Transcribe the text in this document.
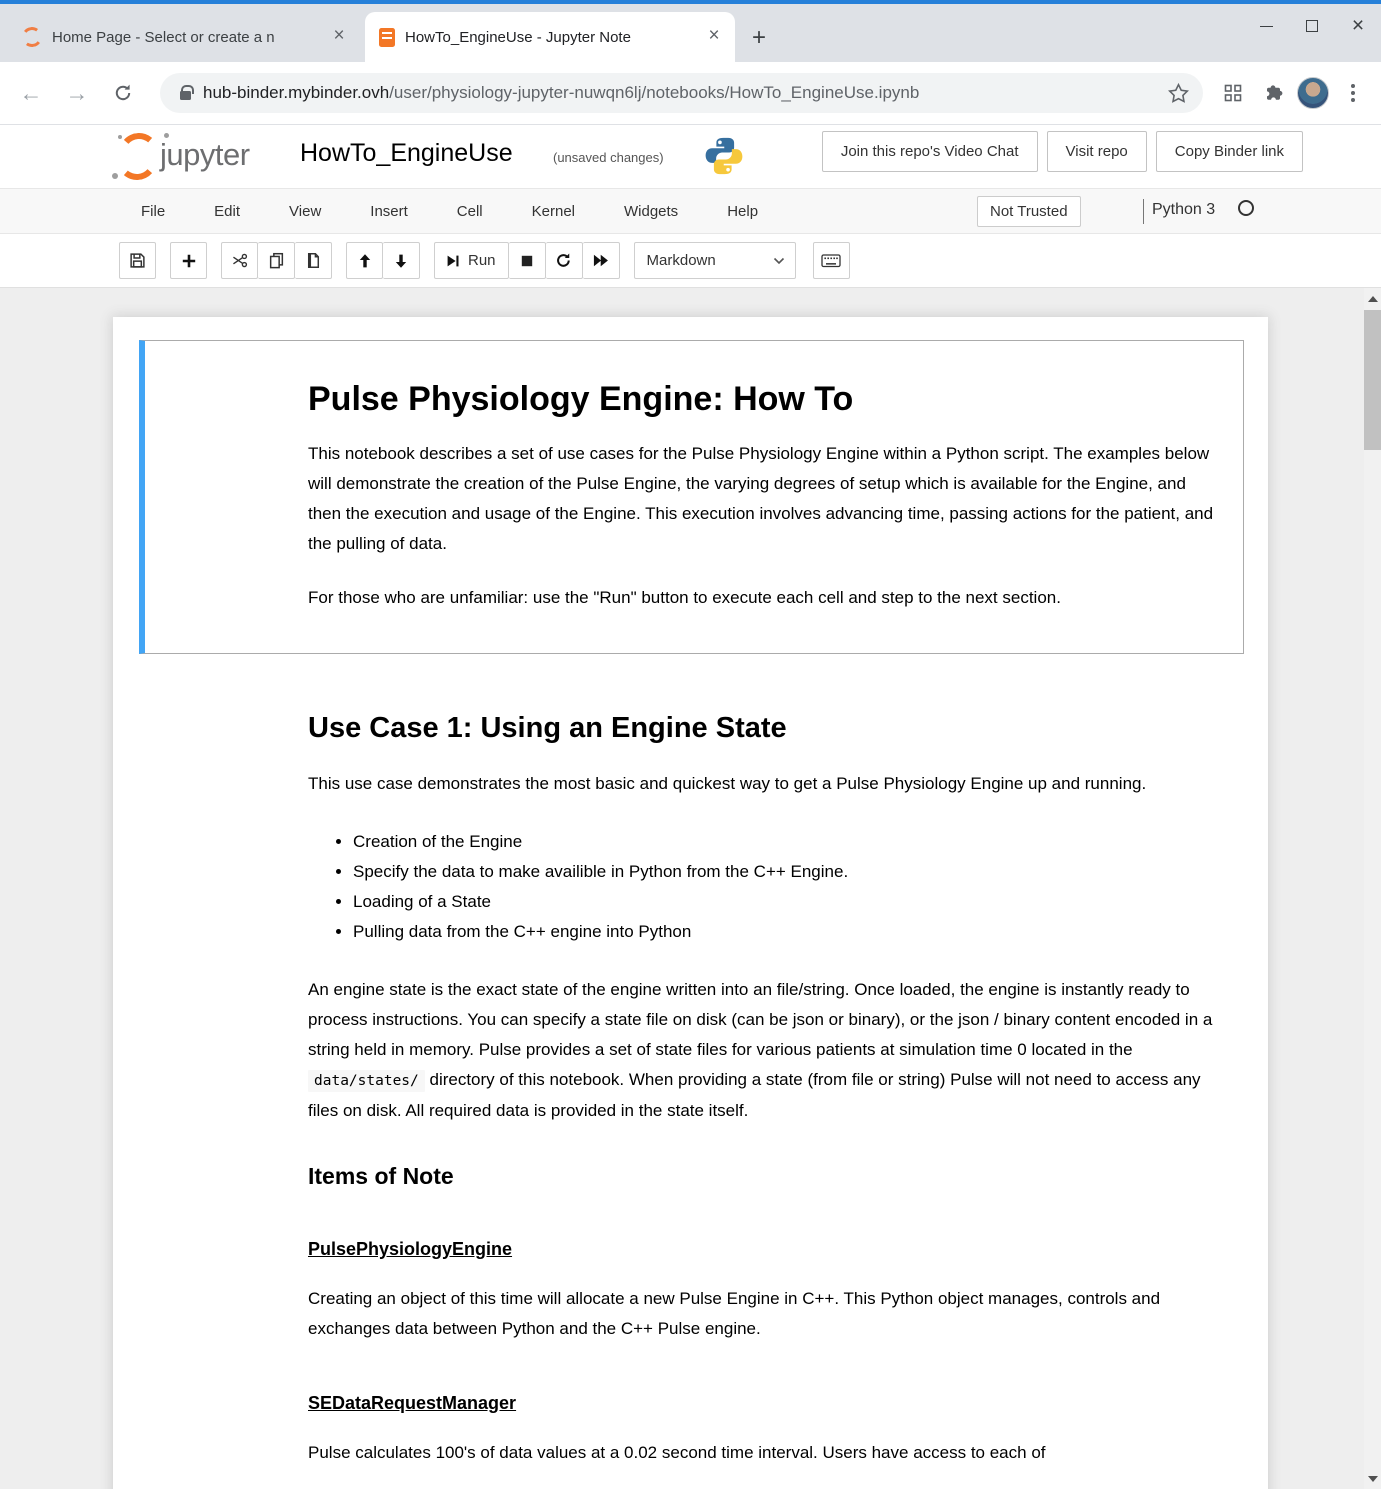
Home Page - Select or create a n	×	HowTo_EngineUse - Jupyter Note	× +	×
← →	hub-binder.mybinder.ovh/user/physiology-jupyter-nuwqn6lj/notebooks/HowTo_EngineUse.ipynb
jupyter HowTo_EngineUse	(unsaved changes)	Join this repo's Video Chat	Visit repo	Copy Binder link
File	Edit	View	Insert	Cell	Kernel	Widgets	Help	Not Trusted	Python 3
Run	Markdown
Pulse Physiology Engine: How To

This notebook describes a set of use cases for the Pulse Physiology Engine within a Python script. The examples below will demonstrate the creation of the Pulse Engine, the varying degrees of setup which is available for the Engine, and then the execution and usage of the Engine. This execution involves advancing time, passing actions for the patient, and the pulling of data.

For those who are unfamiliar: use the "Run" button to execute each cell and step to the next section.

Use Case 1: Using an Engine State

This use case demonstrates the most basic and quickest way to get a Pulse Physiology Engine up and running.

• Creation of the Engine
• Specify the data to make availible in Python from the C++ Engine.
• Loading of a State
• Pulling data from the C++ engine into Python

An engine state is the exact state of the engine written into an file/string. Once loaded, the engine is instantly ready to process instructions. You can specify a state file on disk (can be json or binary), or the json / binary content encoded in a string held in memory. Pulse provides a set of state files for various patients at simulation time 0 located in the data/states/ directory of this notebook. When providing a state (from file or string) Pulse will not need to access any files on disk. All required data is provided in the state itself.

Items of Note
PulsePhysiologyEngine

Creating an object of this time will allocate a new Pulse Engine in C++. This Python object manages, controls and exchanges data between Python and the C++ Pulse engine.

SEDataRequestManager

Pulse calculates 100's of data values at a 0.02 second time interval. Users have access to each of
